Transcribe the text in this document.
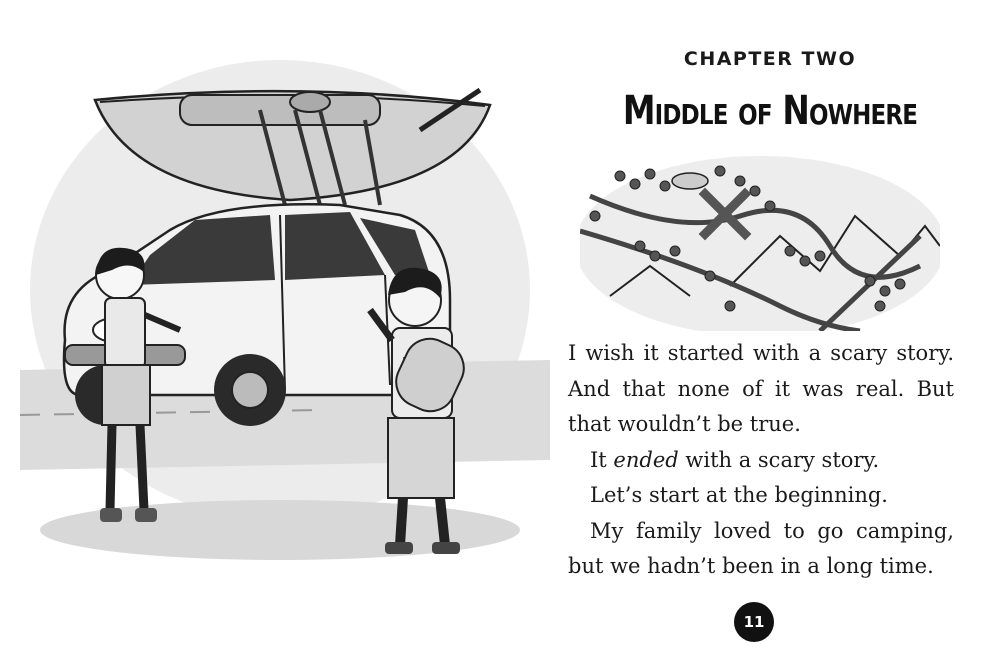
CHAPTER TWO
Middle of Nowhere

I wish it started with a scary story. And that none of it was real. But that wouldn’t be true.

It ended with a scary story.

Let’s start at the beginning.

My family loved to go camping, but we hadn’t been in a long time.

11
